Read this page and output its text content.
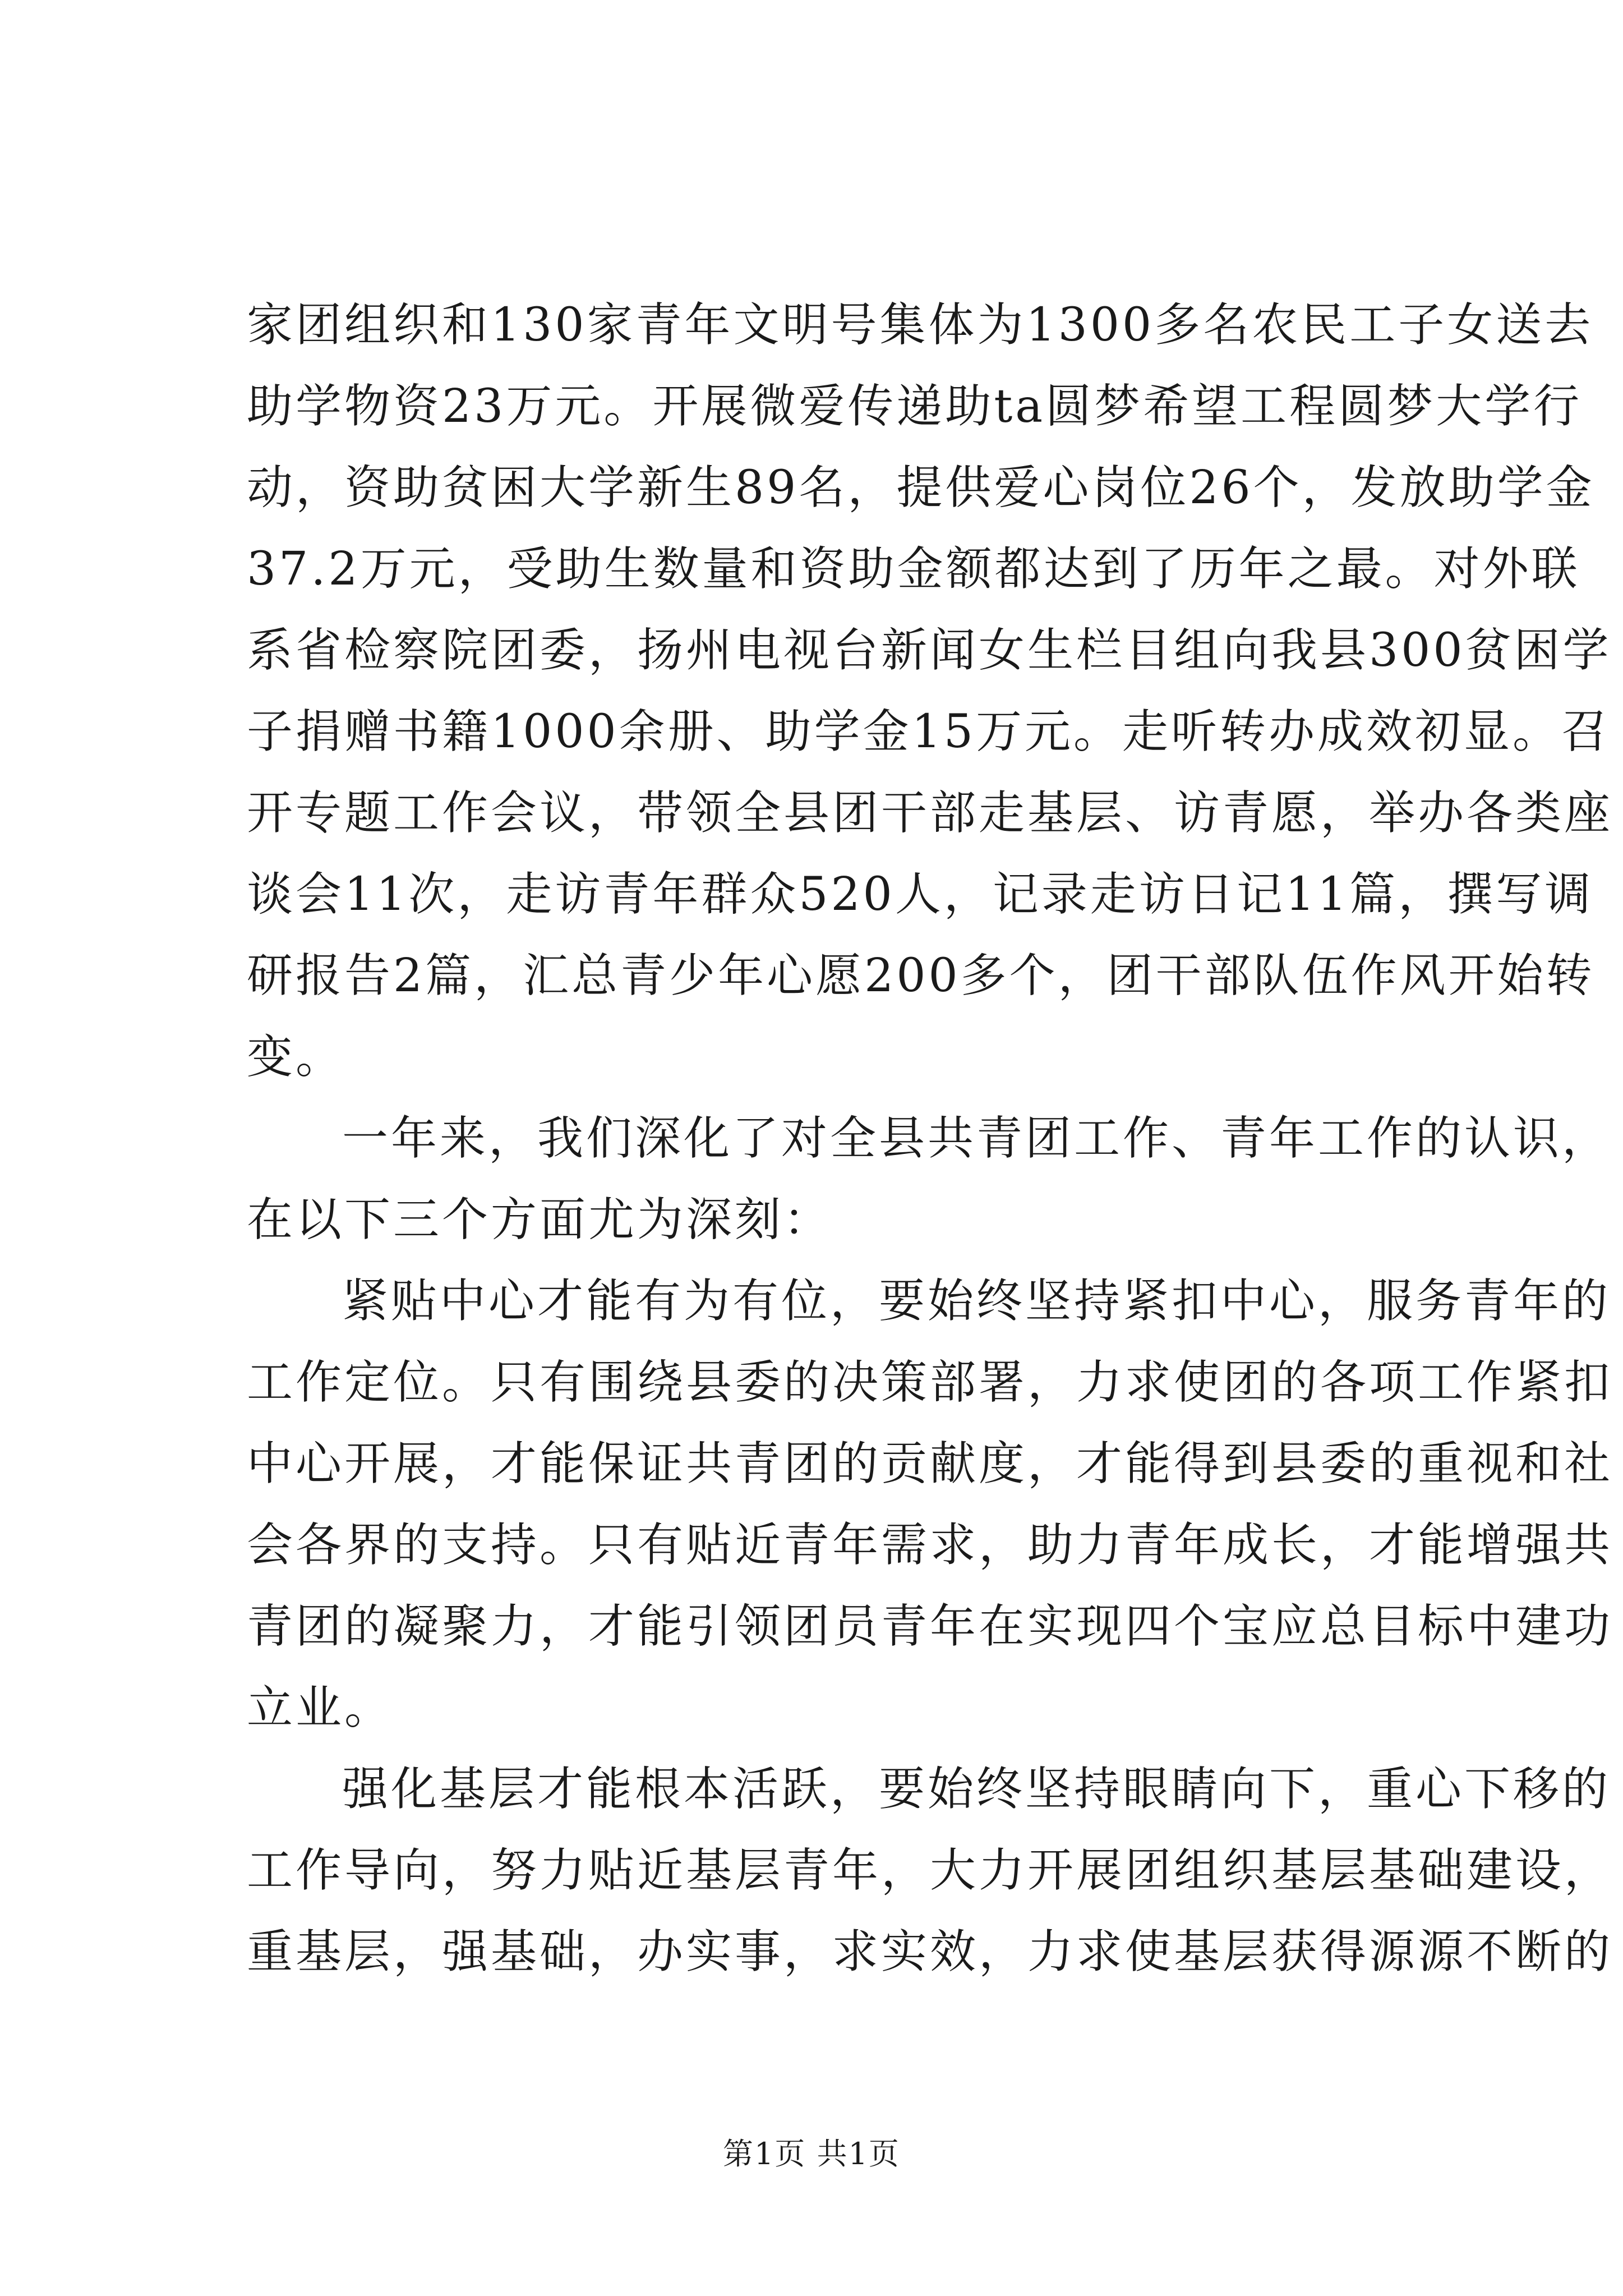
家团组织和130家青年文明号集体为1300多名农民工子女送去
助学物资23万元。开展微爱传递助ta圆梦希望工程圆梦大学行
动，资助贫困大学新生89名，提供爱心岗位26个，发放助学金
37.2万元，受助生数量和资助金额都达到了历年之最。对外联
系省检察院团委，扬州电视台新闻女生栏目组向我县300贫困学
子捐赠书籍1000余册、助学金15万元。走听转办成效初显。召
开专题工作会议，带领全县团干部走基层、访青愿，举办各类座
谈会11次，走访青年群众520人，记录走访日记11篇，撰写调
研报告2篇，汇总青少年心愿200多个，团干部队伍作风开始转
变。
一年来，我们深化了对全县共青团工作、青年工作的认识，
在以下三个方面尤为深刻：
紧贴中心才能有为有位，要始终坚持紧扣中心，服务青年的
工作定位。只有围绕县委的决策部署，力求使团的各项工作紧扣
中心开展，才能保证共青团的贡献度，才能得到县委的重视和社
会各界的支持。只有贴近青年需求，助力青年成长，才能增强共
青团的凝聚力，才能引领团员青年在实现四个宝应总目标中建功
立业。
强化基层才能根本活跃，要始终坚持眼睛向下，重心下移的
工作导向，努力贴近基层青年，大力开展团组织基层基础建设，
重基层，强基础，办实事，求实效，力求使基层获得源源不断的
第1页 共1页
